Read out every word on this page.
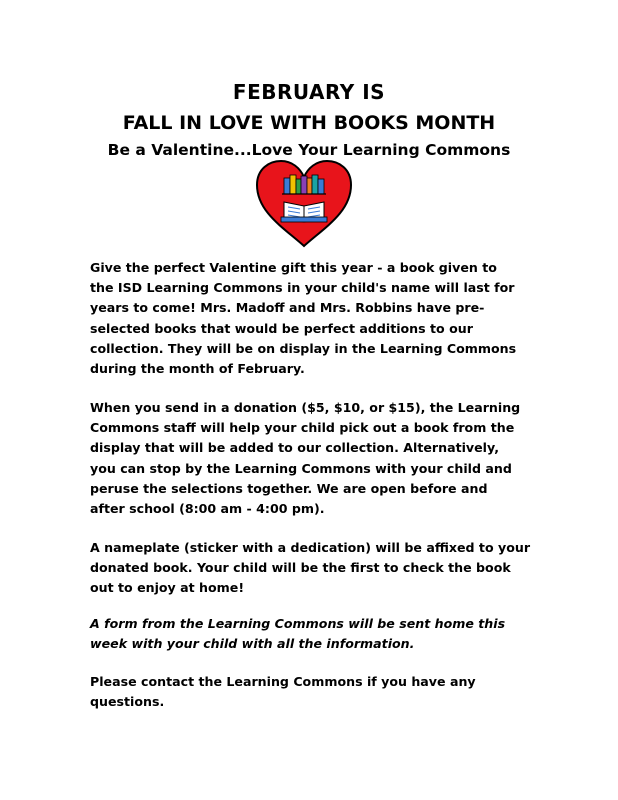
FEBRUARY IS
FALL IN LOVE WITH BOOKS MONTH
Be a Valentine...Love Your Learning Commons
Give the perfect Valentine gift this year - a book given to
the ISD Learning Commons in your child's name will last for
years to come! Mrs. Madoff and Mrs. Robbins have pre-
selected books that would be perfect additions to our
collection. They will be on display in the Learning Commons
during the month of February.
When you send in a donation ($5, $10, or $15), the Learning
Commons staff will help your child pick out a book from the
display that will be added to our collection. Alternatively,
you can stop by the Learning Commons with your child and
peruse the selections together. We are open before and
after school (8:00 am - 4:00 pm).
A nameplate (sticker with a dedication) will be affixed to your
donated book. Your child will be the first to check the book
out to enjoy at home!
A form from the Learning Commons will be sent home this
week with your child with all the information.
Please contact the Learning Commons if you have any
questions.
